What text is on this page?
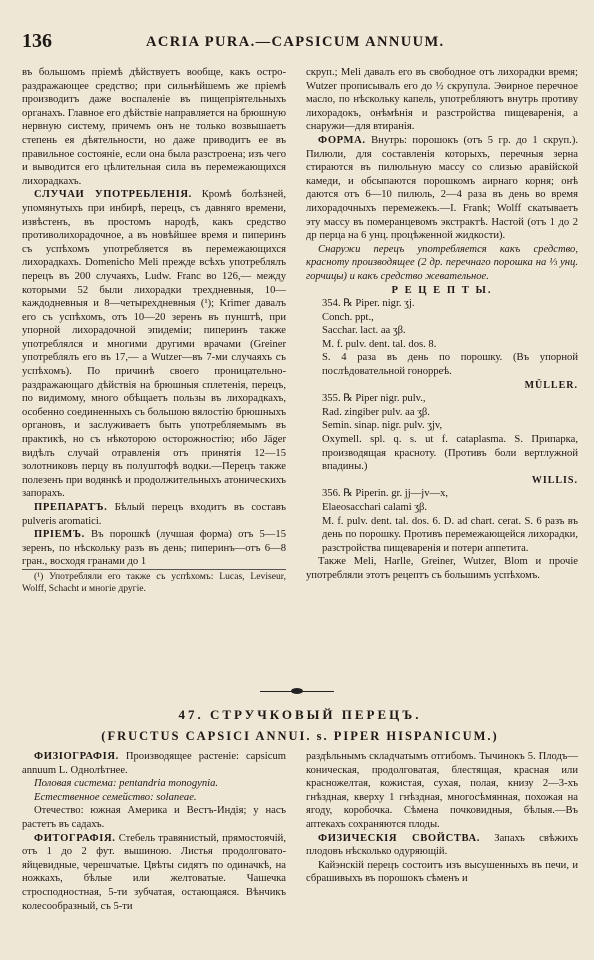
136	ACRIA PURA.—CAPSICUM ANNUUM.

въ большомъ прiемѣ дѣйствуетъ вообще, какъ остро-раздражающее средство; при сильнѣйшемъ же прiемѣ производитъ даже воспаленiе въ пищепрiятельныхъ органахъ. Главное его дѣйствiе направляется на брюшную нервную систему, причемъ онъ не только возвышаетъ степень ея дѣятельности, но даже приводитъ ее въ правильное состоянiе, если она была разстроена; изъ чего и выводится его цѣлительная сила въ перемежающихся лихорадкахъ.

СЛУЧАИ УПОТРЕБЛЕНIЯ. Кромѣ болѣзней, упомянутыхъ при инбирѣ, перецъ, съ давняго времени, извѣстенъ, въ простомъ народѣ, какъ средство противолихорадочное, а въ новѣйшее время и пиперинъ съ успѣхомъ употребляется въ перемежающихся лихорадкахъ. Domenicho Meli прежде всѣхъ употреблялъ перецъ въ 200 случаяхъ, Ludw. Franc во 126,— между которыми 52 были лихорадки трехдневныя, 10—каждодневныя и 8—четырехдневныя (¹); Krimer давалъ его съ успѣхомъ, отъ 10—20 зеренъ въ пунштѣ, при упорной лихорадочной эпидемiи; пиперинъ также употреблялся и многими другими врачами (Greiner употреблялъ его въ 17,— а Wutzer—въ 7-ми случаяхъ съ успѣхомъ). По причинѣ своего проницательно-раздражающаго дѣйствiя на брюшныя сплетенiя, перецъ, по видимому, много обѣщаетъ пользы въ лихорадкахъ, особенно соединенныхъ съ большою вялостiю брюшныхъ органовъ, и заслуживаетъ быть употребляемымъ въ практикѣ, но съ нѣкоторою осторожностiю; ибо Jäger видѣлъ случай отравленiя отъ принятiя 12—15 золотниковъ перцу въ полуштофѣ водки.—Перецъ также полезенъ при водянкѣ и продолжительныхъ атоническихъ запорахъ.

ПРЕПАРАТЪ. Бѣлый перецъ входитъ въ составъ pulveris aromatici.

ПРIЕМЪ. Въ порошкѣ (лучшая форма) отъ 5—15 зеренъ, по нѣскольку разъ въ день; пиперинъ—отъ 6—8 гран., восходя гранами до 1

(¹) Употребляли его также съ успѣхомъ: Lucas, Leviseur, Wolff, Schacht и многiе другiе.

скруп.; Meli давалъ его въ свободное отъ лихорадки время; Wutzer прописывалъ его до ½ скрупула. Эѳирное перечное масло, по нѣскольку капель, употребляютъ внутрь противу лихорадокъ, онѣмѣнiя и разстройства пищеваренiя, а снаружи—для втиранiя.

ФОРМА. Внутрь: порошокъ (отъ 5 гр. до 1 скруп.). Пилюли, для составленiя которыхъ, перечныя зерна стираются въ пилюльную массу со слизью аравiйской камеди, и обсыпаются порошкомъ аирнаго корня; онѣ даются отъ 6—10 пилюль, 2—4 раза въ день во время лихорадочныхъ перемежекъ.—I. Frank; Wolff скатываетъ эту массу въ померанцевомъ экстрактѣ. Настой (отъ 1 до 2 др перца на 6 унц. процѣженной жидкости).

Снаружи перецъ употребляется какъ средство, красноту производящее (2 др. перечнаго порошка на ⅓ унц. горчицы) и какъ средство жевательное.

Р Е Ц Е П Т Ы.

354. ℞ Piper. nigr. ʒj.
Conch. ppt.,
Sacchar. lact. aa ʒβ.
M. f. pulv. dent. tal. dos. 8.
S. 4 раза въ день по порошку. (Въ упорной послѣдовательной гонорреѣ.

MÜLLER.

355. ℞ Piper nigr. pulv.,
Rad. zingiber pulv. aa ʒβ.
Semin. sinap. nigr. pulv. ʒjv,
Oxymell. spl. q. s. ut f. cataplasma. S. Припарка, производящая красноту. (Противъ боли вертлужной впадины.)

WILLIS.

356. ℞ Piperin. gr. jj—jv—x,
Elaeosacchari calami ʒβ.
M. f. pulv. dent. tal. dos. 6. D. ad chart. cerat. S. 6 разъ въ день по порошку. Противъ перемежающейся лихорадки, разстройства пищеваренiя и потери аппетита.

Также Meli, Harlle, Greiner, Wutzer, Blom и прочiе употребляли этотъ рецептъ съ большимъ успѣхомъ.

47. СТРУЧКОВЫЙ ПЕРЕЦЪ.
(FRUCTUS CAPSICI ANNUI. s. PIPER HISPANICUM.)

ФИЗIОГРАФIЯ. Производящее растенiе: capsicum annuum L. Однолѣтнее.

Половая система: pentandria monogynia.

Естественное семейство: solaneae.

Отечество: южная Америка и Вестъ-Индiя; у насъ растетъ въ садахъ.

ФИТОГРАФIЯ. Стебель травянистый, прямостоячiй, отъ 1 до 2 фут. вышиною. Листья продолговато-яйцевидные, черешчатые. Цвѣты сидятъ по одиначкѣ, на ножкахъ, бѣлые или желтоватые. Чашечка стросподностная, 5-ти зубчатая, остающаяся. Вѣнчикъ колесообразный, съ 5-ти

раздѣльнымъ складчатымъ отгибомъ. Тычинокъ 5. Плодъ—коническая, продолговатая, блестящая, красная или красножелтая, кожистая, сухая, полая, книзу 2—3-хъ гнѣздная, кверху 1 гнѣздная, многосѣмянная, похожая на ягоду, коробочка. Сѣмена почковидныя, бѣлыя.—Въ аптекахъ сохраняются плоды.

ФИЗИЧЕСКIЯ СВОЙСТВА. Запахъ свѣжихъ плодовъ нѣсколько одуряющiй.

Кайэнскiй перецъ состоитъ изъ высушенныхъ въ печи, и сбрашивыхъ въ порошокъ сѣменъ и
